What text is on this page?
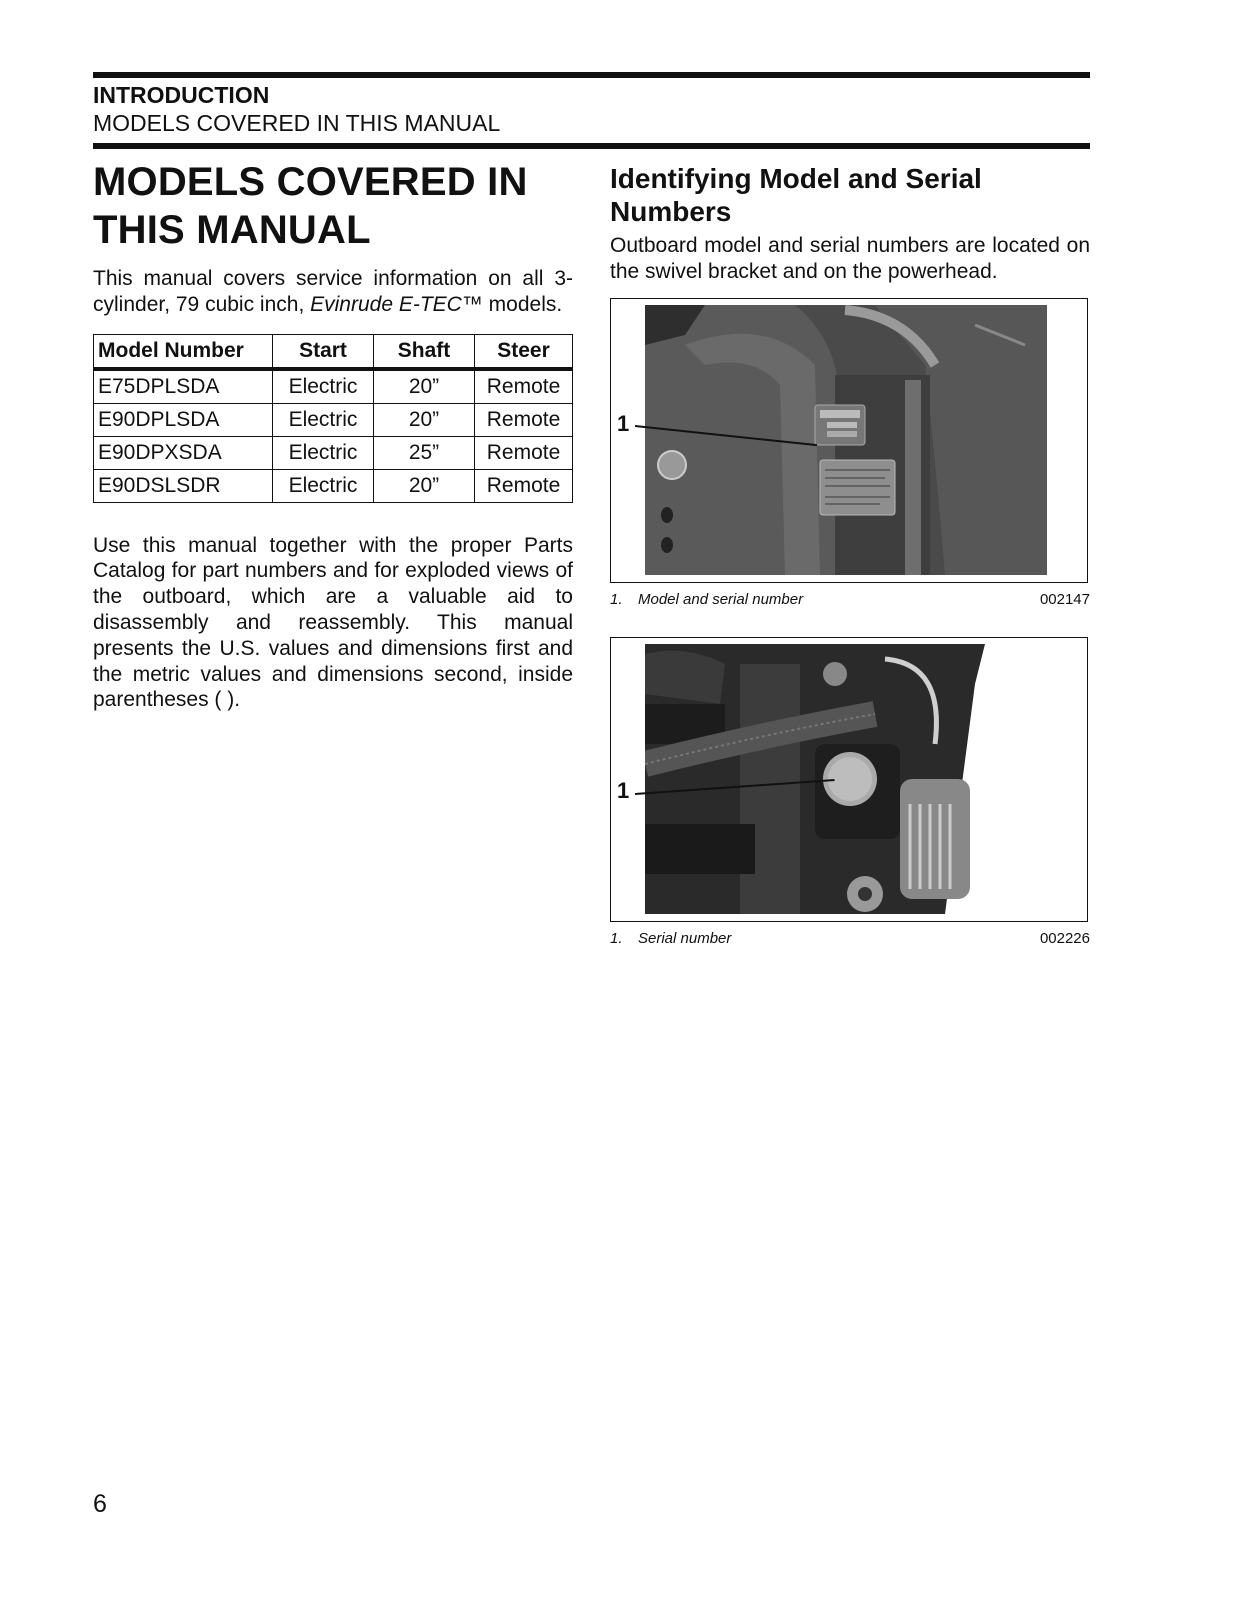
INTRODUCTION
MODELS COVERED IN THIS MANUAL
MODELS COVERED IN THIS MANUAL

This manual covers service information on all 3-cylinder, 79 cubic inch, Evinrude E-TEC™ models.

Model Number	Start	Shaft	Steer
E75DPLSDA	Electric	20”	Remote
E90DPLSDA	Electric	20”	Remote
E90DPXSDA	Electric	25”	Remote
E90DSLSDR	Electric	20”	Remote

Use this manual together with the proper Parts Catalog for part numbers and for exploded views of the outboard, which are a valuable aid to disassembly and reassembly. This manual presents the U.S. values and dimensions first and the metric values and dimensions second, inside parentheses ( ).

Identifying Model and Serial Numbers

Outboard model and serial numbers are located on the swivel bracket and on the powerhead.

1
1. Model and serial number	002147
1
1. Serial number	002226
6
